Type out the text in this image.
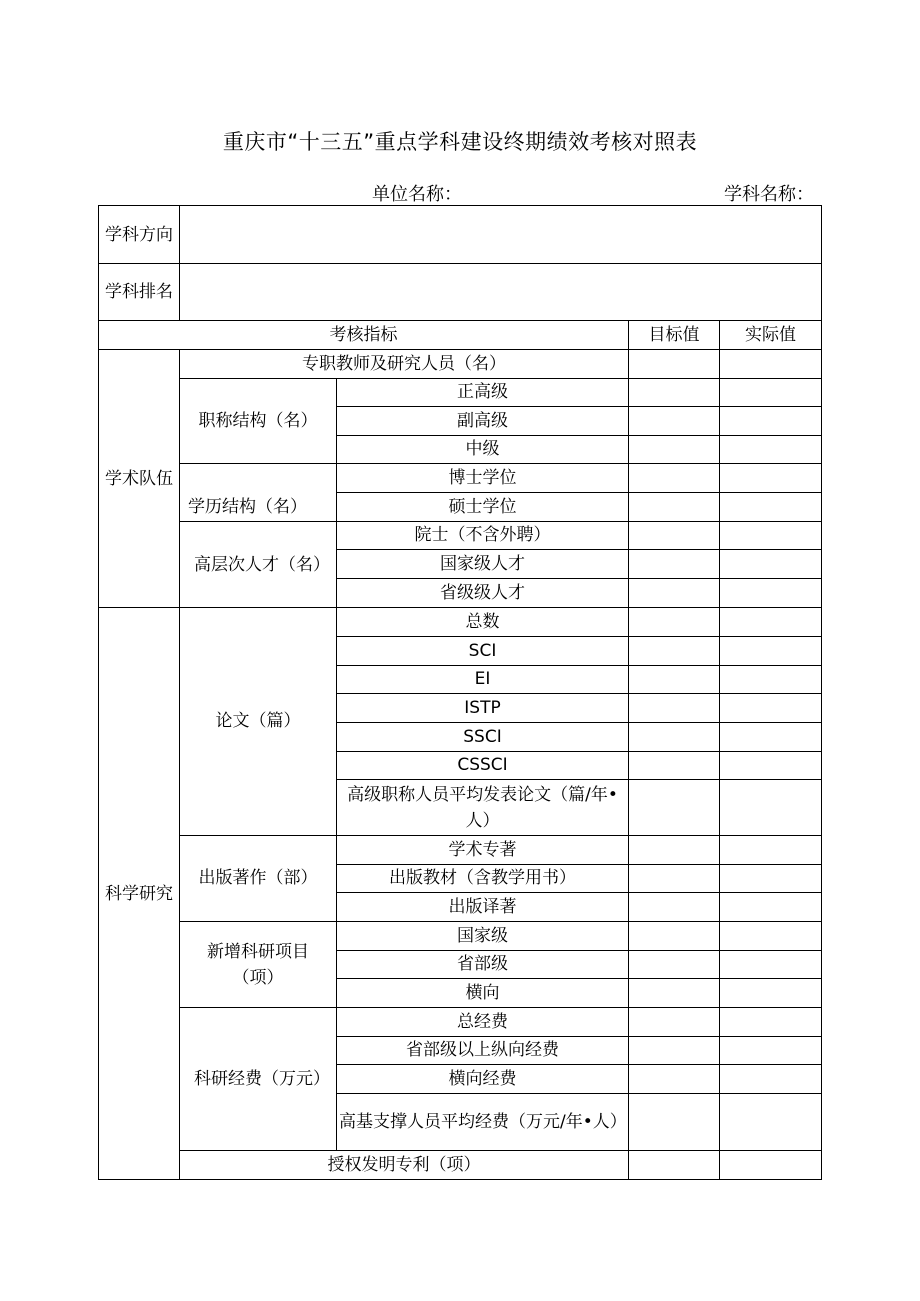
重庆市“十三五”重点学科建设终期绩效考核对照表
单位名称：	学科名称：
学科方向				
学科排名				
考核指标			目标值	实际值
学术队伍	专职教师及研究人员（名）			
	职称结构（名）	正高级		
		副高级		
		中级		
	学历结构（名）	博士学位		
		硕士学位		
	高层次人才（名）	院士（不含外聘）		
		国家级人才		
		省级级人才		
科学研究	论文（篇）	总数		
		SCI		
		EI		
		ISTP		
		SSCI		
		CSSCI		
		高级职称人员平均发表论文（篇/年•人）		
	出版著作（部）	学术专著		
		出版教材（含教学用书）		
		出版译著		
	新增科研项目（项）	国家级		
		省部级		
		横向		
	科研经费（万元）	总经费		
		省部级以上纵向经费		
		横向经费		
		高基支撑人员平均经费（万元/年•人）		
	授权发明专利（项）			
